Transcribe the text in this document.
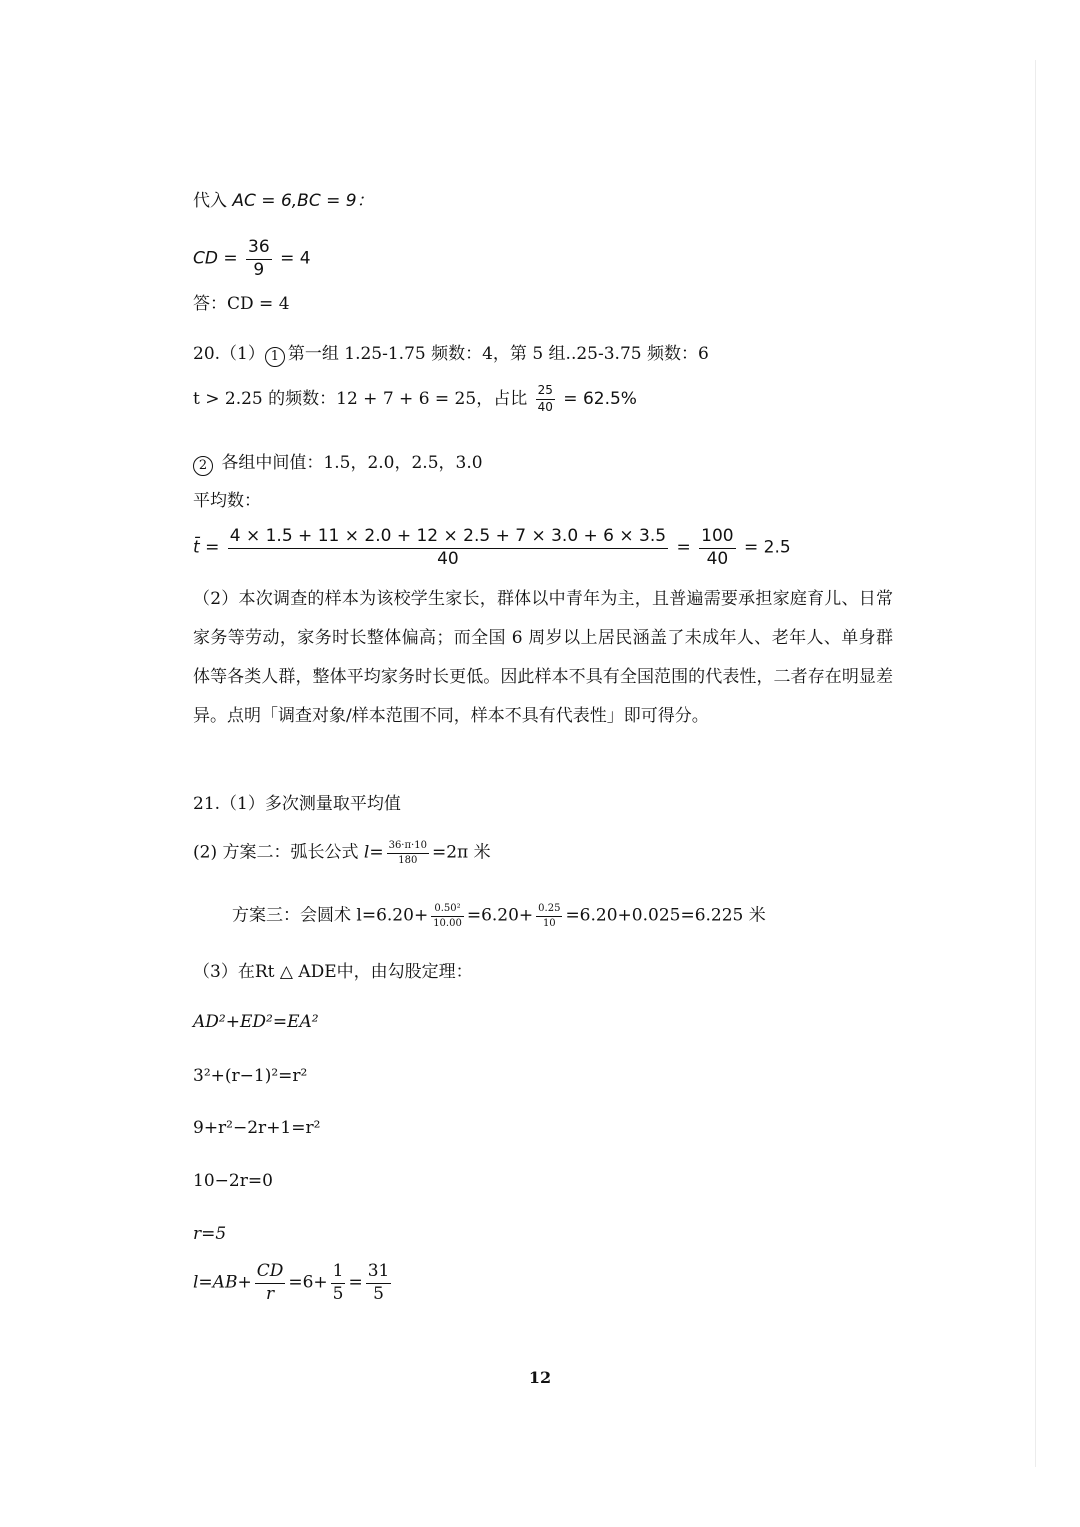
代入 AC = 6,BC = 9：
CD = $\frac{36}{9} = 4$
答：CD = 4
20.（1） 1 第一组 1.25-1.75 频数：4，第 5 组..25-3.75 频数：6
t > 2.25 的频数：12 + 7 + 6 = 25，占比 $\frac{25}{40} = 62.5\%$
2 各组中间值：1.5，2.0，2.5，3.0
平均数：
t̄ = $\frac{4 \times 1.5 + 11 \times 2.0 + 12 \times 2.5 + 7 \times 3.0 + 6 \times 3.5}{40} = \frac{100}{40} = 2.5$
（2）本次调查的样本为该校学生家长，群体以中青年为主，且普遍需要承担家庭育儿、日常家务等劳动，家务时长整体偏高；而全国 6 周岁以上居民涵盖了未成年人、老年人、单身群体等各类人群，整体平均家务时长更低。因此样本不具有全国范围的代表性，二者存在明显差异。点明「调查对象/样本范围不同，样本不具有代表性」即可得分。
21.（1）多次测量取平均值
(2) 方案二：弧长公式 $l= \frac{36\cdot\pi\cdot 10}{180} =2\pi$ 米
方案三：会圆术 $l=6.20+ \frac{\text{0.50²}}{10.00} =6.20+ \frac{0.25}{10} =6.20+0.025=6.225$ 米
（3）在Rt △ ADE中，由勾股定理：
AD²+ED²=EA²
3²+(r−1)²=r²
9+r²−2r+1=r²
10−2r=0
r=5
$l=AB+ \frac{CD}{r} =6+ \frac{1}{5} = \frac{31}{5}$
12
